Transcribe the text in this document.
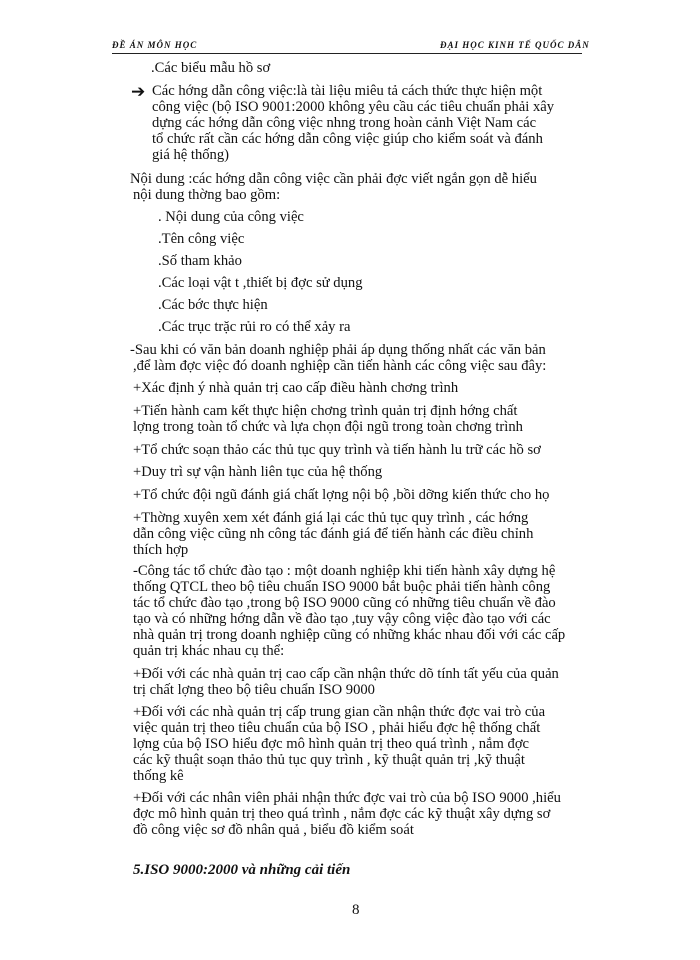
ĐỀ ÁN MÔN HỌC	ĐẠI HỌC KINH TẾ QUỐC DÂN
.Các biểu mẫu hồ sơ
➔ Các hớng dẫn công việc:là tài liệu miêu tả cách thức thực hiện một
công việc (bộ ISO 9001:2000 không yêu cầu các tiêu chuẩn phải xây
dựng các hớng dẫn công việc nhng trong hoàn cảnh Việt Nam các
tổ chức rất cần các hớng dẫn công việc giúp cho kiểm soát và đánh
giá hệ thống)
Nội dung :các hớng dẫn công việc cần phải đợc viết ngắn gọn dễ hiểu
nội dung thờng bao gồm:
. Nội dung của công việc
.Tên công việc
.Số tham khảo
.Các loại vật t ,thiết bị đợc sử dụng
.Các bớc thực hiện
.Các trục trặc rủi ro có thể xảy ra
-Sau khi có văn bản doanh nghiệp phải áp dụng thống nhất các văn bản
,để làm đợc việc đó doanh nghiệp cần tiến hành các công việc sau đây:
+Xác định ý nhà quản trị cao cấp điều hành chơng trình
+Tiến hành cam kết thực hiện chơng trình quản trị định hớng chất
lợng trong toàn tổ chức và lựa chọn đội ngũ trong toàn chơng trình
+Tổ chức soạn thảo các thủ tục quy trình và tiến hành lu trữ các hồ sơ
+Duy trì sự vận hành liên tục của hệ thống
+Tổ chức đội ngũ đánh giá chất lợng nội bộ ,bồi dỡng kiến thức cho họ
+Thờng xuyên xem xét đánh giá lại các thủ tục quy trình , các hớng
dẫn công việc cũng nh công tác đánh giá để tiến hành các điều chỉnh
thích hợp
-Công tác tổ chức đào tạo : một doanh nghiệp khi tiến hành xây dựng hệ
thống QTCL theo bộ tiêu chuẩn ISO 9000 bắt buộc phải tiến hành công
tác tổ chức đào tạo ,trong bộ ISO 9000 cũng có những tiêu chuẩn về đào
tạo và có những hớng dẫn về đào tạo ,tuy vậy công việc đào tạo với các
nhà quản trị trong doanh nghiệp cũng có những khác nhau đối với các cấp
quản trị khác nhau cụ thể:
+Đối với các nhà quản trị cao cấp cần nhận thức dõ tính tất yếu của quản
trị chất lợng theo bộ tiêu chuẩn ISO 9000
+Đối với các nhà quản trị cấp trung gian cần nhận thức đợc vai trò của
việc quản trị theo tiêu chuẩn của bộ ISO , phải hiểu đợc hệ thống chất
lợng của bộ ISO hiểu đợc mô hình quản trị theo quá trình , nắm đợc
các kỹ thuật soạn thảo thủ tục quy trình , kỹ thuật quản trị ,kỹ thuật
thống kê
+Đối với các nhân viên phải nhận thức đợc vai trò của bộ ISO 9000 ,hiểu
đợc mô hình quản trị theo quá trình , nắm đợc các kỹ thuật xây dựng sơ
đồ công việc sơ đồ nhân quả , biểu đồ kiểm soát
5.ISO 9000:2000 và những cải tiến
8
